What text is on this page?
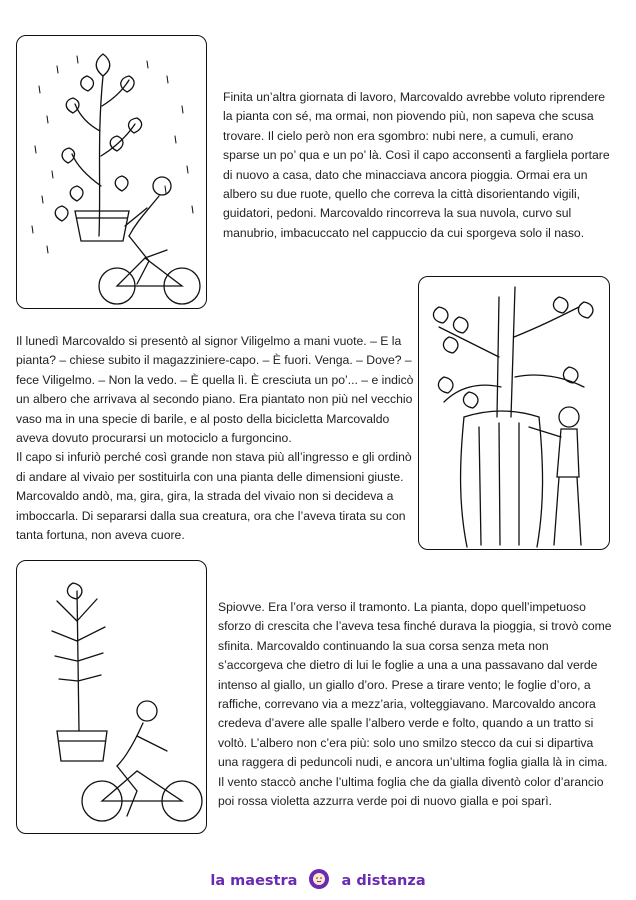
Finita un’altra giornata di lavoro, Marcovaldo avrebbe voluto riprendere la pianta con sé, ma ormai, non piovendo più, non sapeva che scusa trovare. Il cielo però non era sgombro: nubi nere, a cumuli, erano sparse un po’ qua e un po’ là. Così il capo acconsentì a fargliela portare di nuovo a casa, dato che minacciava ancora pioggia. Ormai era un albero su due ruote, quello che correva la città disorientando vigili, guidatori, pedoni. Marcovaldo rincorreva la sua nuvola, curvo sul manubrio, imbacuccato nel cappuccio da cui sporgeva solo il naso.

Il lunedì Marcovaldo si presentò al signor Viligelmo a mani vuote. – E la pianta? – chiese subito il magazziniere-capo. – È fuori. Venga. – Dove? – fece Viligelmo. – Non la vedo. – È quella lì. È cresciuta un po’... – e indicò un albero che arrivava al secondo piano. Era piantato non più nel vecchio vaso ma in una specie di barile, e al posto della bicicletta Marcovaldo aveva dovuto procurarsi un motociclo a furgoncino.
Il capo si infuriò perché così grande non stava più all’ingresso e gli ordinò di andare al vivaio per sostituirla con una pianta delle dimensioni giuste. Marcovaldo andò, ma, gira, gira, la strada del vivaio non si decideva a imboccarla. Di separarsi dalla sua creatura, ora che l’aveva tirata su con tanta fortuna, non aveva cuore.

Spiovve. Era l’ora verso il tramonto. La pianta, dopo quell’impetuoso sforzo di crescita che l’aveva tesa finché durava la pioggia, si trovò come sfinita. Marcovaldo continuando la sua corsa senza meta non s’accorgeva che dietro di lui le foglie a una a una passavano dal verde intenso al giallo, un giallo d’oro. Prese a tirare vento; le foglie d’oro, a raffiche, correvano via a mezz’aria, volteggiavano. Marcovaldo ancora credeva d’avere alle spalle l’albero verde e folto, quando a un tratto si voltò. L’albero non c’era più: solo uno smilzo stecco da cui si dipartiva una raggera di peduncoli nudi, e ancora un’ultima foglia gialla là in cima. Il vento staccò anche l’ultima foglia che da gialla diventò color d’arancio poi rossa violetta azzurra verde poi di nuovo gialla e poi sparì.

la maestra	a distanza
